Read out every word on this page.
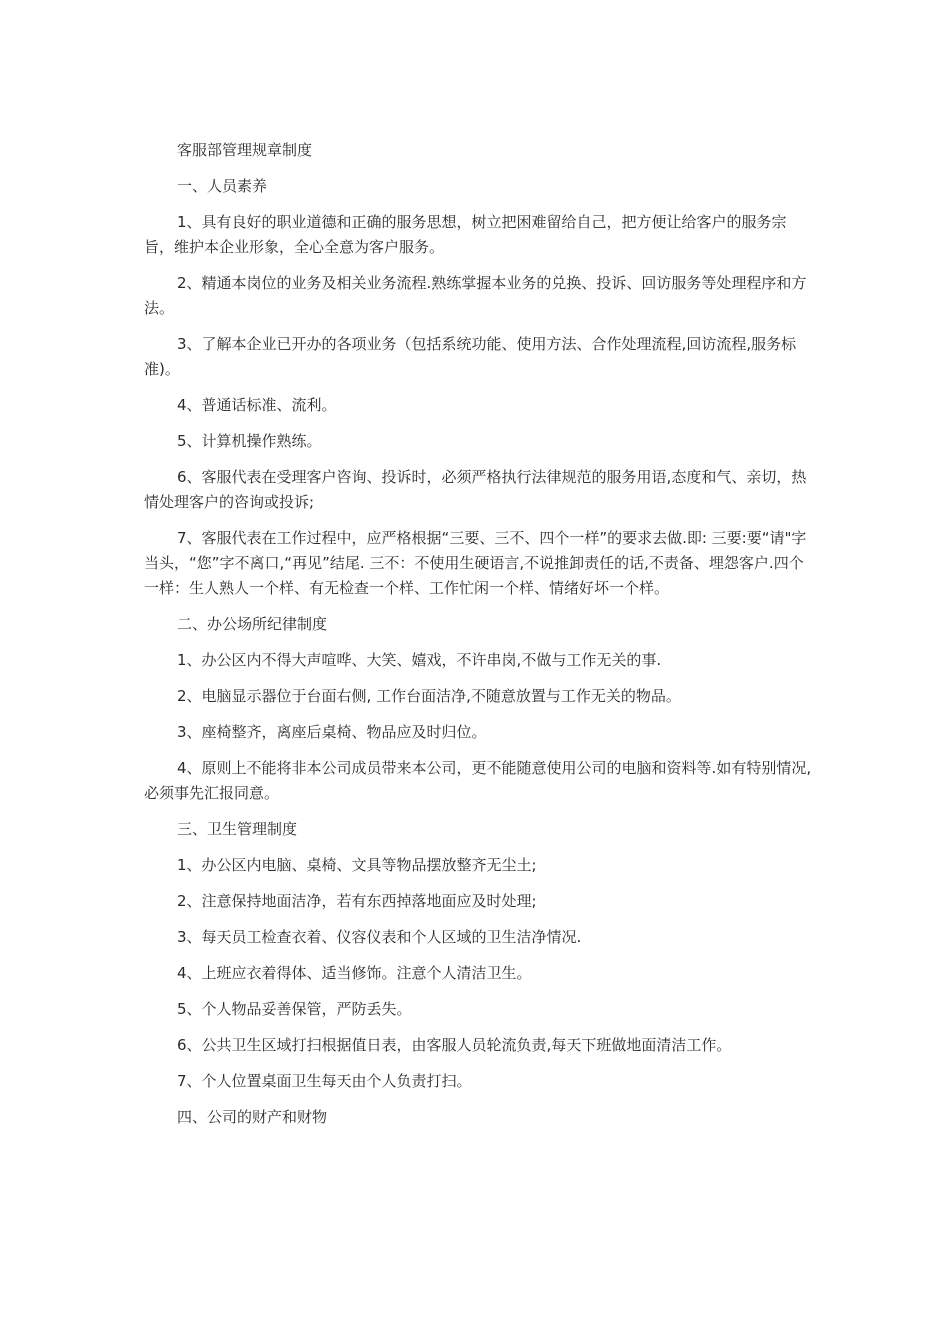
客服部管理规章制度

一、人员素养

1、具有良好的职业道德和正确的服务思想，树立把困难留给自己，把方便让给客户的服务宗旨，维护本企业形象，全心全意为客户服务。

2、精通本岗位的业务及相关业务流程.熟练掌握本业务的兑换、投诉、回访服务等处理程序和方法。

3、了解本企业已开办的各项业务（包括系统功能、使用方法、合作处理流程,回访流程,服务标准)。

4、普通话标准、流利。

5、计算机操作熟练。

6、客服代表在受理客户咨询、投诉时，必须严格执行法律规范的服务用语,态度和气、亲切，热情处理客户的咨询或投诉;

7、客服代表在工作过程中，应严格根据“三要、三不、四个一样”的要求去做.即: 三要:要“请"字当头，“您”字不离口,“再见”结尾. 三不：不使用生硬语言,不说推卸责任的话,不责备、埋怨客户.四个一样：生人熟人一个样、有无检查一个样、工作忙闲一个样、情绪好坏一个样。

二、办公场所纪律制度

1、办公区内不得大声喧哗、大笑、嬉戏，不许串岗,不做与工作无关的事.

2、电脑显示器位于台面右侧, 工作台面洁净,不随意放置与工作无关的物品。

3、座椅整齐，离座后桌椅、物品应及时归位。

4、原则上不能将非本公司成员带来本公司，更不能随意使用公司的电脑和资料等.如有特别情况,必须事先汇报同意。

三、卫生管理制度

1、办公区内电脑、桌椅、文具等物品摆放整齐无尘土;

2、注意保持地面洁净，若有东西掉落地面应及时处理;

3、每天员工检查衣着、仪容仪表和个人区域的卫生洁净情况.

4、上班应衣着得体、适当修饰。注意个人清洁卫生。

5、个人物品妥善保管，严防丢失。

6、公共卫生区域打扫根据值日表，由客服人员轮流负责,每天下班做地面清洁工作。

7、个人位置桌面卫生每天由个人负责打扫。

四、公司的财产和财物
